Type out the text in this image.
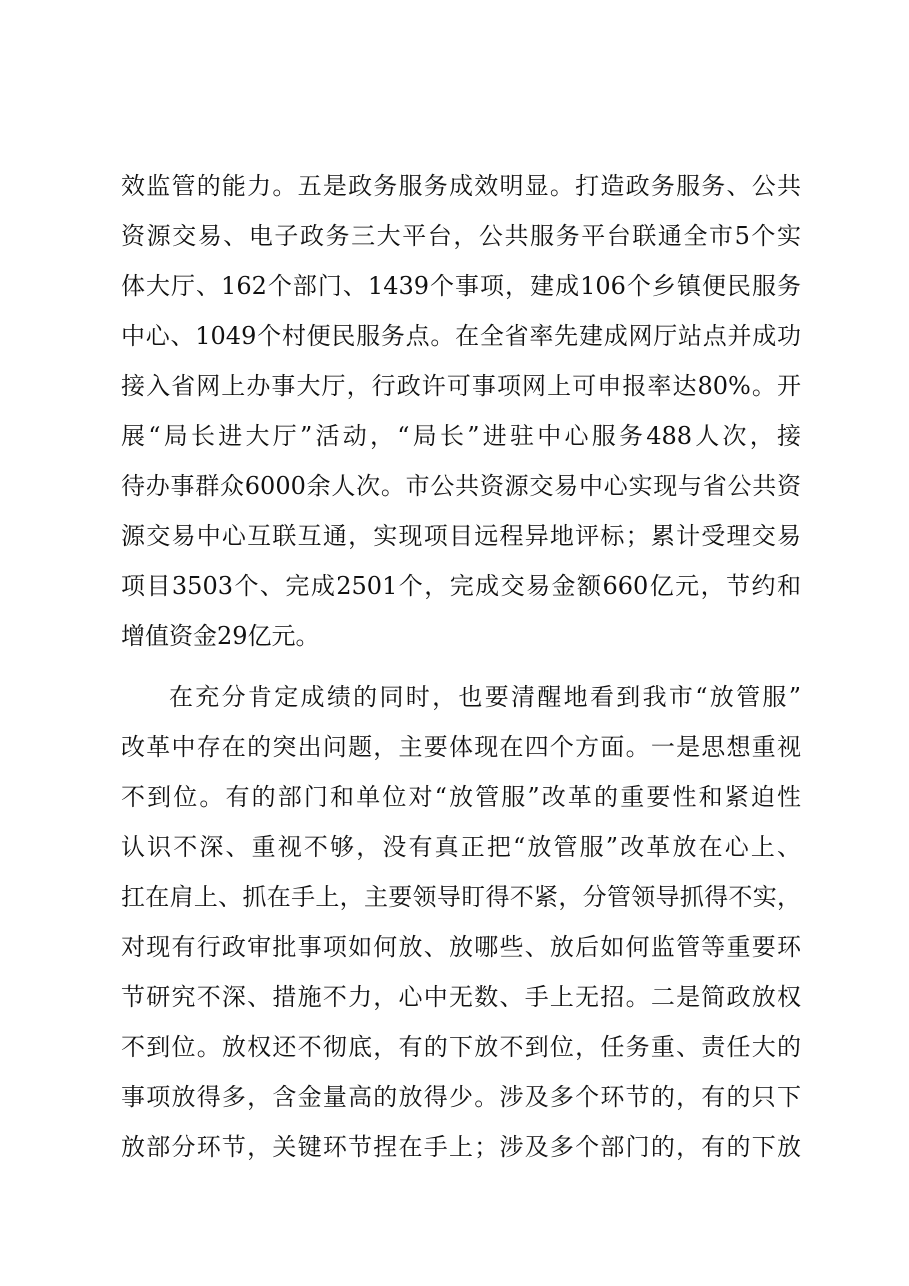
效监管的能力。五是政务服务成效明显。打造政务服务、公共
资源交易、电子政务三大平台，公共服务平台联通全市5个实
体大厅、162个部门、1439个事项，建成106个乡镇便民服务
中心、1049个村便民服务点。在全省率先建成网厅站点并成功
接入省网上办事大厅，行政许可事项网上可申报率达80%。开
展“局长进大厅”活动，“局长”进驻中心服务488人次，接
待办事群众6000余人次。市公共资源交易中心实现与省公共资
源交易中心互联互通，实现项目远程异地评标；累计受理交易
项目3503个、完成2501个，完成交易金额660亿元，节约和
增值资金29亿元。
在充分肯定成绩的同时，也要清醒地看到我市“放管服”
改革中存在的突出问题，主要体现在四个方面。一是思想重视
不到位。有的部门和单位对“放管服”改革的重要性和紧迫性
认识不深、重视不够，没有真正把“放管服”改革放在心上、
扛在肩上、抓在手上，主要领导盯得不紧，分管领导抓得不实，
对现有行政审批事项如何放、放哪些、放后如何监管等重要环
节研究不深、措施不力，心中无数、手上无招。二是简政放权
不到位。放权还不彻底，有的下放不到位，任务重、责任大的
事项放得多，含金量高的放得少。涉及多个环节的，有的只下
放部分环节，关键环节捏在手上；涉及多个部门的，有的下放
